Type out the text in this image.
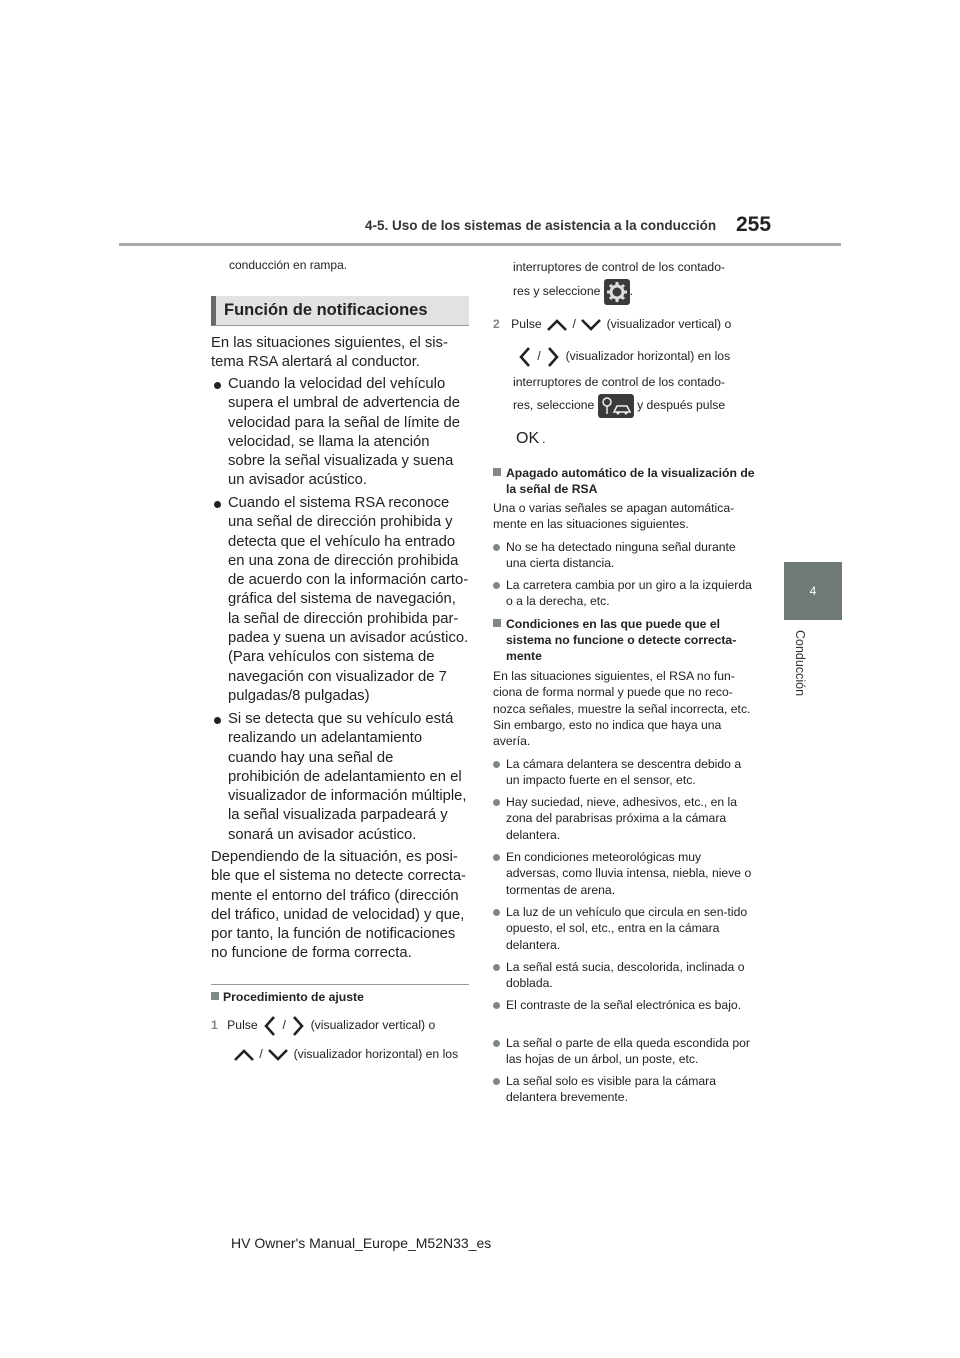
4-5. Uso de los sistemas de asistencia a la conducción 255
4
Conducción
conducción en rampa.
Función de notificaciones
En las situaciones siguientes, el sis-tema RSA alertará al conductor.
Cuando la velocidad del vehículo supera el umbral de advertencia de velocidad para la señal de límite de velocidad, se llama la atención sobre la señal visualizada y suena un avisador acústico.
Cuando el sistema RSA reconoce una señal de dirección prohibida y detecta que el vehículo ha entrado en una zona de dirección prohibida de acuerdo con la información carto-gráfica del sistema de navegación, la señal de dirección prohibida par-padea y suena un avisador acústico. (Para vehículos con sistema de navegación con visualizador de 7 pulgadas/8 pulgadas)
Si se detecta que su vehículo está realizando un adelantamiento cuando hay una señal de prohibición de adelantamiento en el visualizador de información múltiple, la señal visualizada parpadeará y sonará un avisador acústico.
Dependiendo de la situación, es posi-ble que el sistema no detecte correcta-mente el entorno del tráfico (dirección del tráfico, unidad de velocidad) y que, por tanto, la función de notificaciones no funcione de forma correcta.
Procedimiento de ajuste
1 Pulse / (visualizador vertical) o
/	(visualizador horizontal) en los
interruptores de control de los contado-
res y seleccione .
2 Pulse	/	(visualizador vertical) o
/ (visualizador horizontal) en los
interruptores de control de los contado-
res, seleccione	y después pulse
OK .
Apagado automático de la visualización de la señal de RSA
Una o varias señales se apagan automática-mente en las situaciones siguientes.
No se ha detectado ninguna señal durante una cierta distancia.
La carretera cambia por un giro a la izquierda o a la derecha, etc.
Condiciones en las que puede que el sistema no funcione o detecte correcta-mente
En las situaciones siguientes, el RSA no fun-ciona de forma normal y puede que no reco-nozca señales, muestre la señal incorrecta, etc. Sin embargo, esto no indica que haya una avería.
La cámara delantera se descentra debido a un impacto fuerte en el sensor, etc.
Hay suciedad, nieve, adhesivos, etc., en la zona del parabrisas próxima a la cámara delantera.
En condiciones meteorológicas muy adversas, como lluvia intensa, niebla, nieve o tormentas de arena.
La luz de un vehículo que circula en sen-tido opuesto, el sol, etc., entra en la cámara delantera.
La señal está sucia, descolorida, inclinada o doblada.
El contraste de la señal electrónica es bajo.
La señal o parte de ella queda escondida por las hojas de un árbol, un poste, etc.
La señal solo es visible para la cámara delantera brevemente.
HV Owner's Manual_Europe_M52N33_es
